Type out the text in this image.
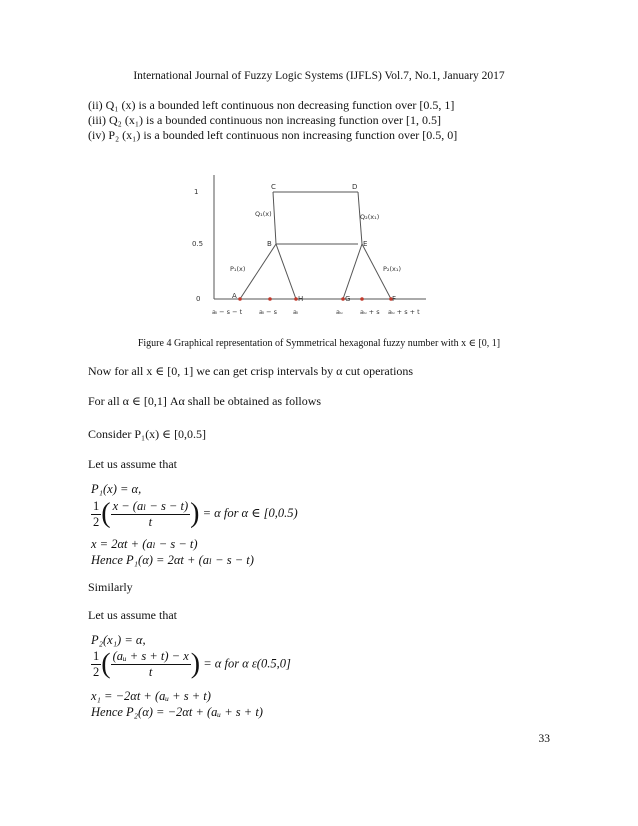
International Journal of Fuzzy Logic Systems (IJFLS) Vol.7, No.1, January 2017
(ii) Q₁ (x) is a bounded left continuous non decreasing function over [0.5, 1]
(iii) Q₂ (x₁) is a bounded continuous non increasing function over [1, 0.5]
(iv) P₂ (x₁) is a bounded left continuous non increasing function over [0.5, 0]
1
0.5
0
C	D
B	E
A	H	G	F
Q₁(x)	Q₂(x₁)
P₁(x)	P₂(x₁)
aₗ − s − t	aₗ − s aₗ	aᵤ	aᵤ + s aᵤ + s + t
Figure 4 Graphical representation of Symmetrical hexagonal fuzzy number with x ∈ [0, 1]
Now for all x ∈ [0, 1] we can get crisp intervals by α cut operations
For all α ∈ [0,1] Aα shall be obtained as follows
Consider P₁(x) ∈ [0,0.5]
Let us assume that
P₁(x) = α,
$\frac{1}{2}$ ( $\frac{\text{x − (aₗ − s − t)}}{t}$ ) = α for α ∈ [0,0.5)
x = 2αt + (aₗ − s − t)
Hence P₁(α) = 2αt + (aₗ − s − t)
Similarly
Let us assume that
P₂(x₁) = α,
$\frac{1}{2}$ ( $\frac{\text{(aᵤ + s + t) − x}}{t}$ ) = α for α ε(0.5,0]
x₁ = −2αt + (aᵤ + s + t)
Hence P₂(α) = −2αt + (aᵤ + s + t)
33
